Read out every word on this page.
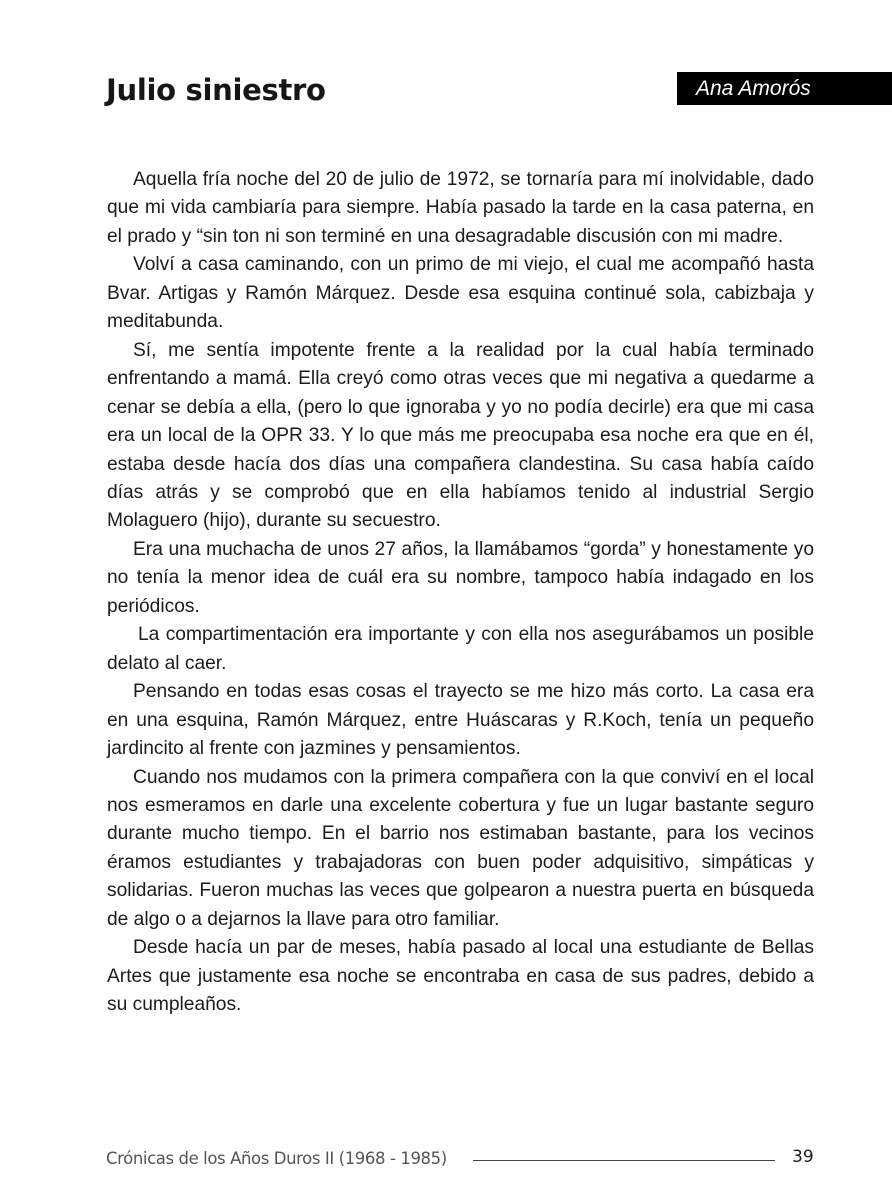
Julio siniestro	Ana Amorós

Aquella fría noche del 20 de julio de 1972, se tornaría para mí inolvidable, dado que mi vida cambiaría para siempre. Había pasado la tarde en la casa paterna, en el prado y “sin ton ni son terminé en una desagradable discusión con mi madre.

Volví a casa caminando, con un primo de mi viejo, el cual me acompañó hasta Bvar. Artigas y Ramón Márquez. Desde esa esquina continué sola, cabizbaja y meditabunda.

Sí, me sentía impotente frente a la realidad por la cual había terminado enfrentando a mamá. Ella creyó como otras veces que mi negativa a quedarme a cenar se debía a ella, (pero lo que ignoraba y yo no podía decirle) era que mi casa era un local de la OPR 33. Y lo que más me preocupaba esa noche era que en él, estaba desde hacía dos días una compañera clandestina. Su casa había caído días atrás y se comprobó que en ella habíamos tenido al industrial Sergio Molaguero (hijo), durante su secuestro.

Era una muchacha de unos 27 años, la llamábamos “gorda” y honestamente yo no tenía la menor idea de cuál era su nombre, tampoco había indagado en los periódicos.

La compartimentación era importante y con ella nos asegurábamos un posible delato al caer.

Pensando en todas esas cosas el trayecto se me hizo más corto. La casa era en una esquina, Ramón Márquez, entre Huáscaras y R.Koch, tenía un pequeño jardincito al frente con jazmines y pensamientos.

Cuando nos mudamos con la primera compañera con la que conviví en el local nos esmeramos en darle una excelente cobertura y fue un lugar bastante seguro durante mucho tiempo. En el barrio nos estimaban bastante, para los vecinos éramos estudiantes y trabajadoras con buen poder adquisitivo, simpáticas y solidarias. Fueron muchas las veces que golpearon a nuestra puerta en búsqueda de algo o a dejarnos la llave para otro familiar.

Desde hacía un par de meses, había pasado al local una estudiante de Bellas Artes que justamente esa noche se encontraba en casa de sus padres, debido a su cumpleaños.

Crónicas de los Años Duros II (1968 - 1985)	39
